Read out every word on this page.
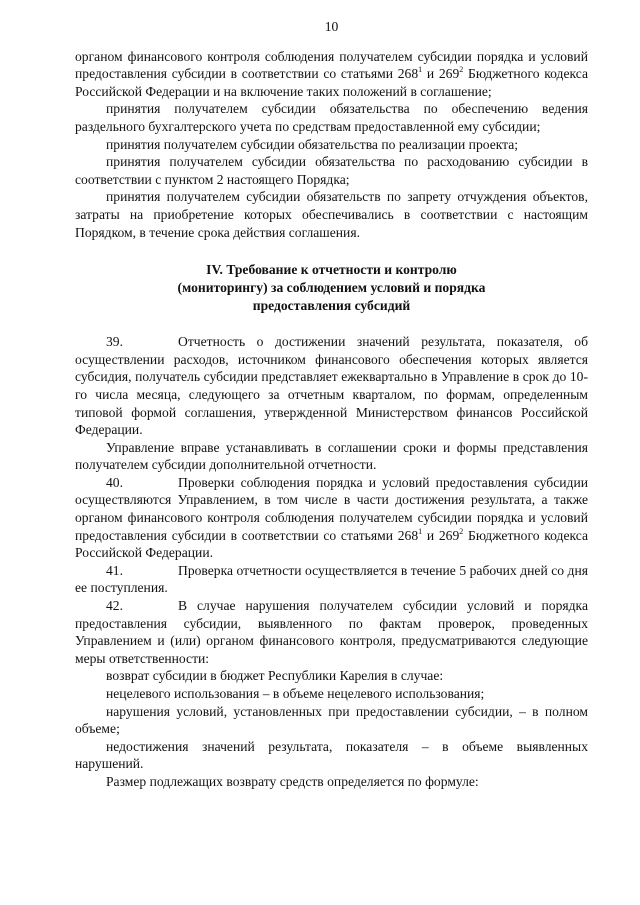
10

органом финансового контроля соблюдения получателем субсидии порядка и условий предоставления субсидии в соответствии со статьями $268^1$ и $269^2$ Бюджетного кодекса Российской Федерации и на включение таких положений в соглашение;

принятия получателем субсидии обязательства по обеспечению ведения раздельного бухгалтерского учета по средствам предоставленной ему субсидии;

принятия получателем субсидии обязательства по реализации проекта;

принятия получателем субсидии обязательства по расходованию субсидии в соответствии с пунктом 2 настоящего Порядка;

принятия получателем субсидии обязательств по запрету отчуждения объектов, затраты на приобретение которых обеспечивались в соответствии с настоящим Порядком, в течение срока действия соглашения.

IV. Требование к отчетности и контролю
(мониторингу) за соблюдением условий и порядка
предоставления субсидий

39.	Отчетность о достижении значений результата, показателя, об осуществлении расходов, источником финансового обеспечения которых является субсидия, получатель субсидии представляет ежеквартально в Управление в срок до 10-го числа месяца, следующего за отчетным кварталом, по формам, определенным типовой формой соглашения, утвержденной Министерством финансов Российской Федерации.

Управление вправе устанавливать в соглашении сроки и формы представления получателем субсидии дополнительной отчетности.

40.	Проверки соблюдения порядка и условий предоставления субсидии осуществляются Управлением, в том числе в части достижения результата, а также органом финансового контроля соблюдения получателем субсидии порядка и условий предоставления субсидии в соответствии со статьями $268^1$ и $269^2$ Бюджетного кодекса Российской Федерации.

41.	Проверка отчетности осуществляется в течение 5 рабочих дней со дня ее поступления.

42.	В случае нарушения получателем субсидии условий и порядка предоставления субсидии, выявленного по фактам проверок, проведенных Управлением и (или) органом финансового контроля, предусматриваются следующие меры ответственности:

возврат субсидии в бюджет Республики Карелия в случае:

нецелевого использования – в объеме нецелевого использования;

нарушения условий, установленных при предоставлении субсидии, – в полном объеме;

недостижения значений результата, показателя – в объеме выявленных нарушений.

Размер подлежащих возврату средств определяется по формуле:
